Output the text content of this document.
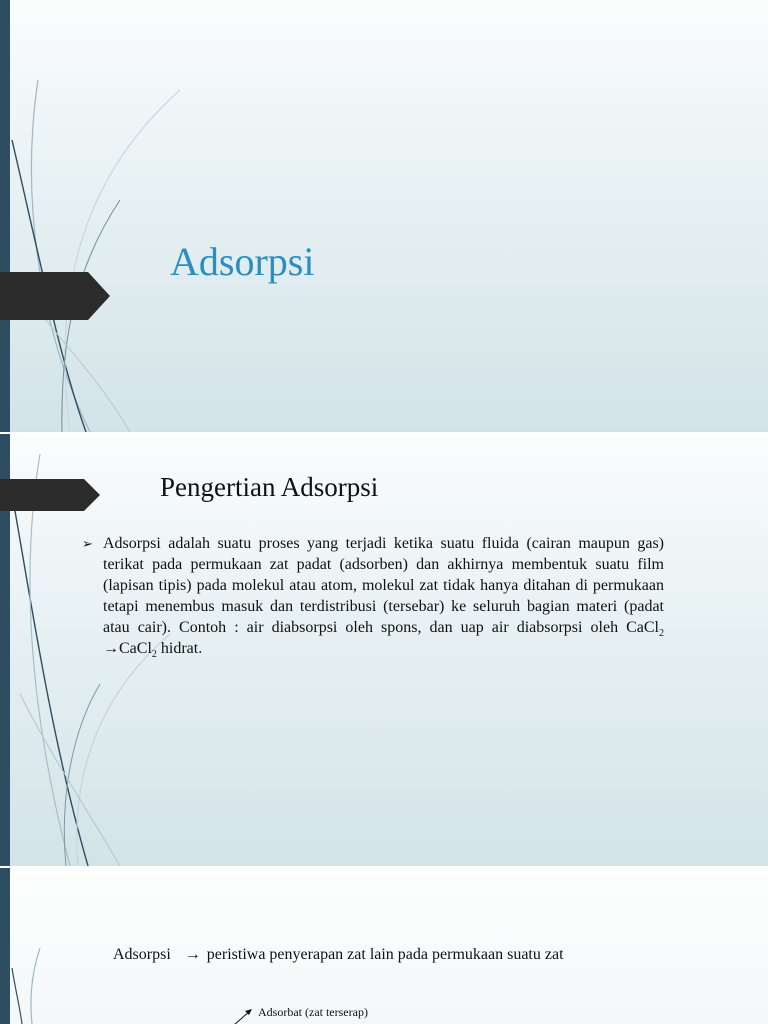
Adsorpsi
Pengertian Adsorpsi
➢ Adsorpsi adalah suatu proses yang terjadi ketika suatu fluida (cairan maupun gas) terikat pada permukaan zat padat (adsorben) dan akhirnya membentuk suatu film (lapisan tipis) pada molekul atau atom, molekul zat tidak hanya ditahan di permukaan tetapi menembus masuk dan terdistribusi (tersebar) ke seluruh bagian materi (padat atau cair). Contoh : air diabsorpsi oleh spons, dan uap air diabsorpsi oleh CaCl$_2$ →CaCl$_2$ hidrat.
Adsorpsi → peristiwa penyerapan zat lain pada permukaan suatu zat
Adsorbat (zat terserap)
